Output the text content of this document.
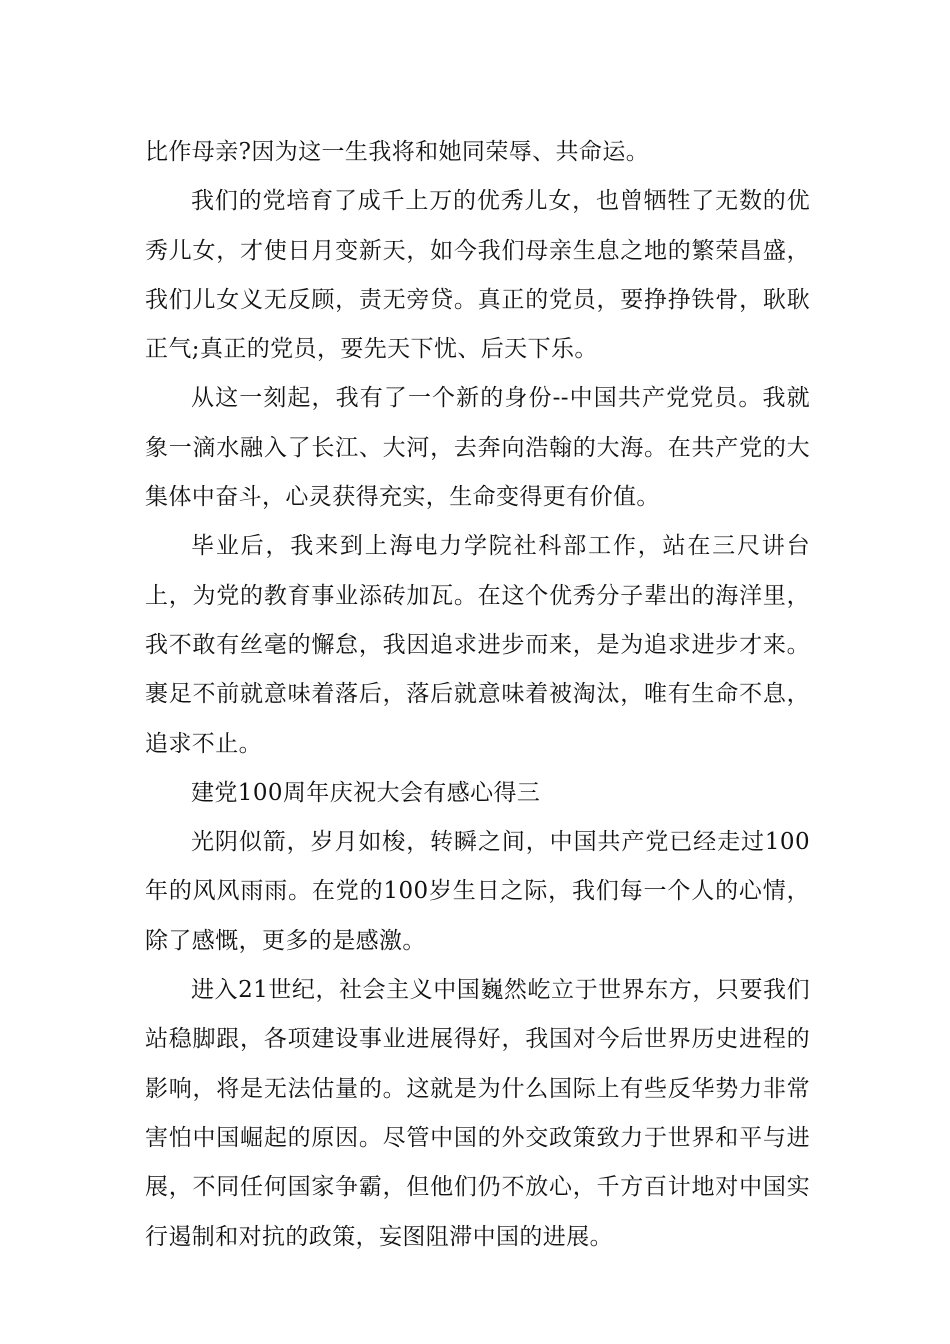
比作母亲?因为这一生我将和她同荣辱、共命运。

我们的党培育了成千上万的优秀儿女，也曾牺牲了无数的优秀儿女，才使日月变新天，如今我们母亲生息之地的繁荣昌盛，我们儿女义无反顾，责无旁贷。真正的党员，要挣挣铁骨，耿耿正气;真正的党员，要先天下忧、后天下乐。

从这一刻起，我有了一个新的身份--中国共产党党员。我就象一滴水融入了长江、大河，去奔向浩翰的大海。在共产党的大集体中奋斗，心灵获得充实，生命变得更有价值。

毕业后，我来到上海电力学院社科部工作，站在三尺讲台上，为党的教育事业添砖加瓦。在这个优秀分子辈出的海洋里，我不敢有丝毫的懈怠，我因追求进步而来，是为追求进步才来。裹足不前就意味着落后，落后就意味着被淘汰，唯有生命不息，追求不止。

建党100周年庆祝大会有感心得三

光阴似箭，岁月如梭，转瞬之间，中国共产党已经走过100年的风风雨雨。在党的100岁生日之际，我们每一个人的心情，除了感慨，更多的是感激。

进入21世纪，社会主义中国巍然屹立于世界东方，只要我们站稳脚跟，各项建设事业进展得好，我国对今后世界历史进程的影响，将是无法估量的。这就是为什么国际上有些反华势力非常害怕中国崛起的原因。尽管中国的外交政策致力于世界和平与进展，不同任何国家争霸，但他们仍不放心，千方百计地对中国实行遏制和对抗的政策，妄图阻滞中国的进展。
